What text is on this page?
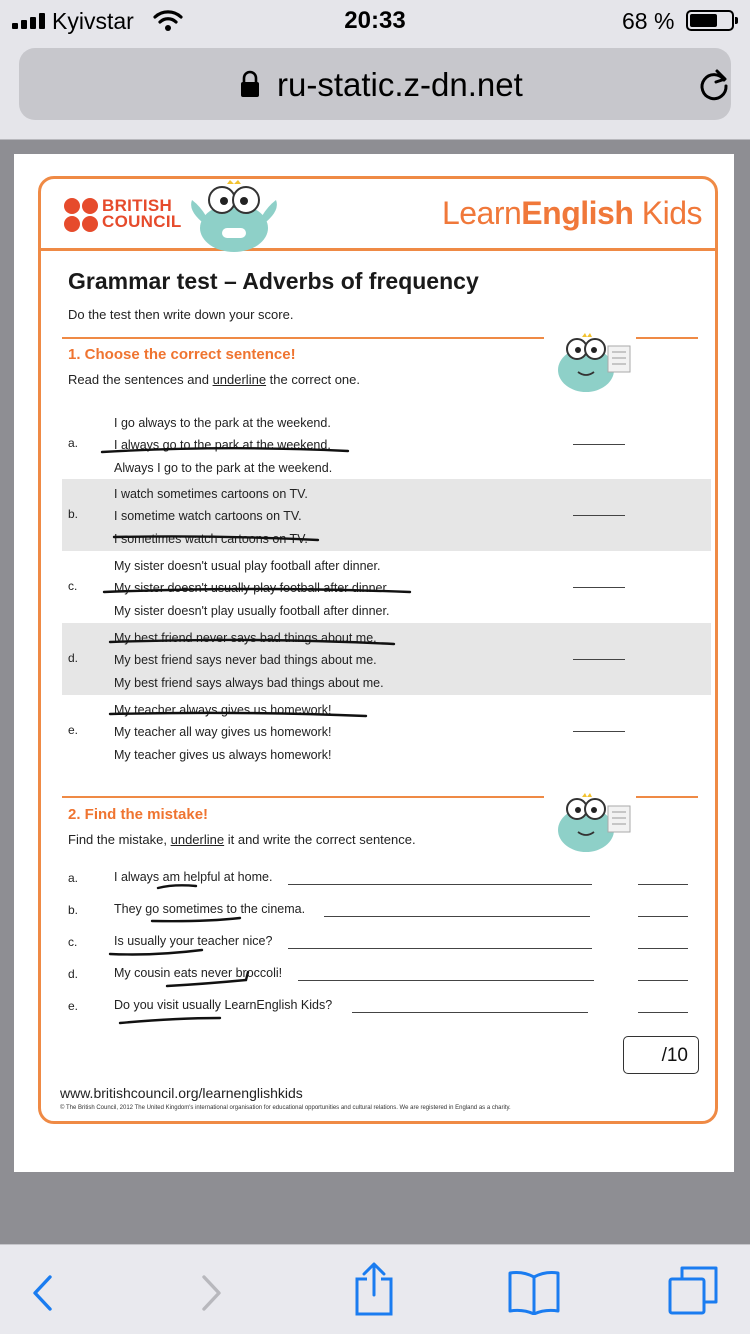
Kyivstar	20:33	68 %
ru-static.z-dn.net
BRITISH
COUNCIL	LearnEnglish Kids
Grammar test – Adverbs of frequency
Do the test then write down your score.
1. Choose the correct sentence!
Read the sentences and underline the correct one.
a.
I go always to the park at the weekend.
I always go to the park at the weekend.
Always I go to the park at the weekend.
b.
I watch sometimes cartoons on TV.
I sometime watch cartoons on TV.
I sometimes watch cartoons on TV.
c.
My sister doesn't usual play football after dinner.
My sister doesn't usually play football after dinner.
My sister doesn't play usually football after dinner.
d.
My best friend never says bad things about me.
My best friend says never bad things about me.
My best friend says always bad things about me.
e.
My teacher always gives us homework!
My teacher all way gives us homework!
My teacher gives us always homework!
2. Find the mistake!
Find the mistake, underline it and write the correct sentence.
a.	I always am helpful at home.
b.	They go sometimes to the cinema.
c.	Is usually your teacher nice?
d.	My cousin eats never broccoli!
e.	Do you visit usually LearnEnglish Kids?
/10
www.britishcouncil.org/learnenglishkids
© The British Council, 2012 The United Kingdom's international organisation for educational opportunities and cultural relations. We are registered in England as a charity.
